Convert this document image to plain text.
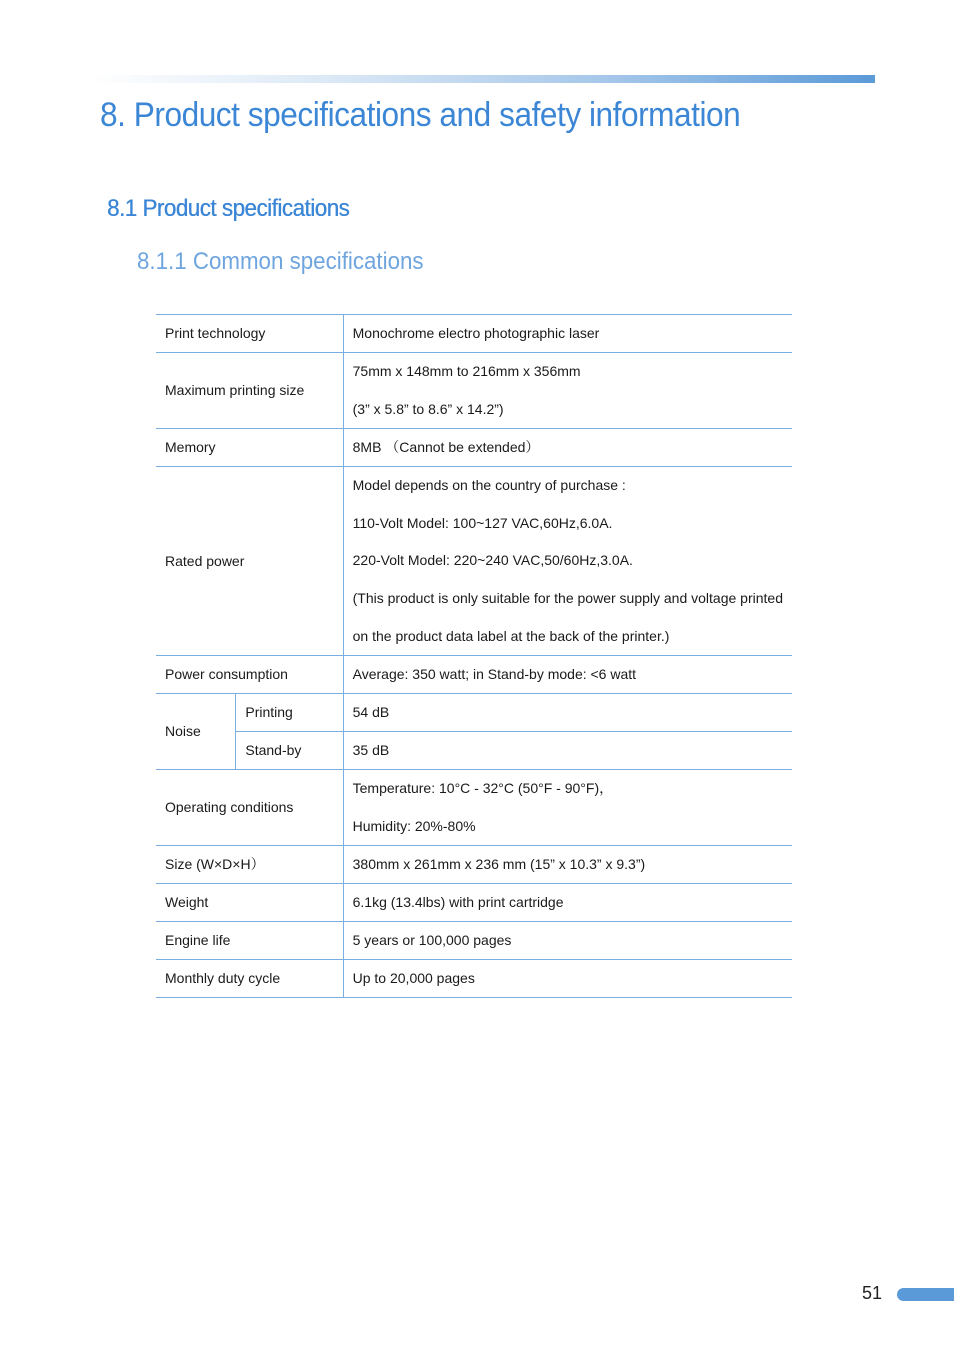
8. Product specifications and safety information
8.1 Product specifications
8.1.1 Common specifications
Print technology		Monochrome electro photographic laser
Maximum printing size		75mm x 148mm to 216mm x 356mm
(3” x 5.8” to 8.6” x 14.2”)

Memory		8MB （Cannot be extended）
Rated power		Model depends on the country of purchase :
110-Volt Model: 100~127 VAC,60Hz,6.0A.
220-Volt Model: 220~240 VAC,50/60Hz,3.0A.
(This product is only suitable for the power supply and voltage printed
on the product data label at the back of the printer.)

Power consumption		Average: 350 watt; in Stand-by mode: <6 watt
Noise	Printing	54 dB
	Stand-by	35 dB
Operating conditions		Temperature: 10°C - 32°C (50°F - 90°F)，
Humidity: 20%-80%

Size (W×D×H）		380mm x 261mm x 236 mm (15” x 10.3” x 9.3”)
Weight		6.1kg (13.4lbs) with print cartridge
Engine life		5 years or 100,000 pages
Monthly duty cycle		Up to 20,000 pages
51
